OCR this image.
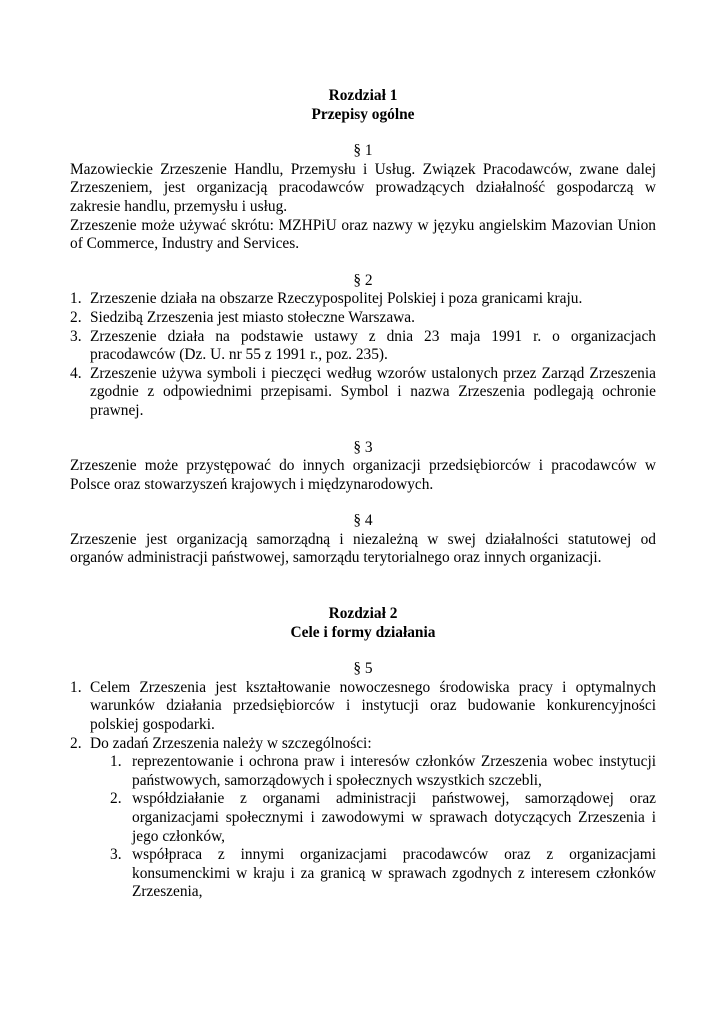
Rozdział 1
Przepisy ogólne
§ 1

Mazowieckie Zrzeszenie Handlu, Przemysłu i Usług. Związek Pracodawców, zwane dalej Zrzeszeniem, jest organizacją pracodawców prowadzących działalność gospodarczą w zakresie handlu, przemysłu i usług.

Zrzeszenie może używać skrótu: MZHPiU oraz nazwy w języku angielskim Mazovian Union of Commerce, Industry and Services.

§ 2
1. Zrzeszenie działa na obszarze Rzeczypospolitej Polskiej i poza granicami kraju.
2. Siedzibą Zrzeszenia jest miasto stołeczne Warszawa.
3. Zrzeszenie działa na podstawie ustawy z dnia 23 maja 1991 r. o organizacjach pracodawców (Dz. U. nr 55 z 1991 r., poz. 235).
4. Zrzeszenie używa symboli i pieczęci według wzorów ustalonych przez Zarząd Zrzeszenia zgodnie z odpowiednimi przepisami. Symbol i nazwa Zrzeszenia podlegają ochronie prawnej.
§ 3

Zrzeszenie może przystępować do innych organizacji przedsiębiorców i pracodawców w Polsce oraz stowarzyszeń krajowych i międzynarodowych.

§ 4

Zrzeszenie jest organizacją samorządną i niezależną w swej działalności statutowej od organów administracji państwowej, samorządu terytorialnego oraz innych organizacji.

Rozdział 2
Cele i formy działania
§ 5
1. Celem Zrzeszenia jest kształtowanie nowoczesnego środowiska pracy i optymalnych warunków działania przedsiębiorców i instytucji oraz budowanie konkurencyjności polskiej gospodarki.
2. Do zadań Zrzeszenia należy w szczególności:
1. reprezentowanie i ochrona praw i interesów członków Zrzeszenia wobec instytucji państwowych, samorządowych i społecznych wszystkich szczebli,
2. współdziałanie z organami administracji państwowej, samorządowej oraz organizacjami społecznymi i zawodowymi w sprawach dotyczących Zrzeszenia i jego członków,
3. współpraca z innymi organizacjami pracodawców oraz z organizacjami konsumenckimi w kraju i za granicą w sprawach zgodnych z interesem członków Zrzeszenia,
